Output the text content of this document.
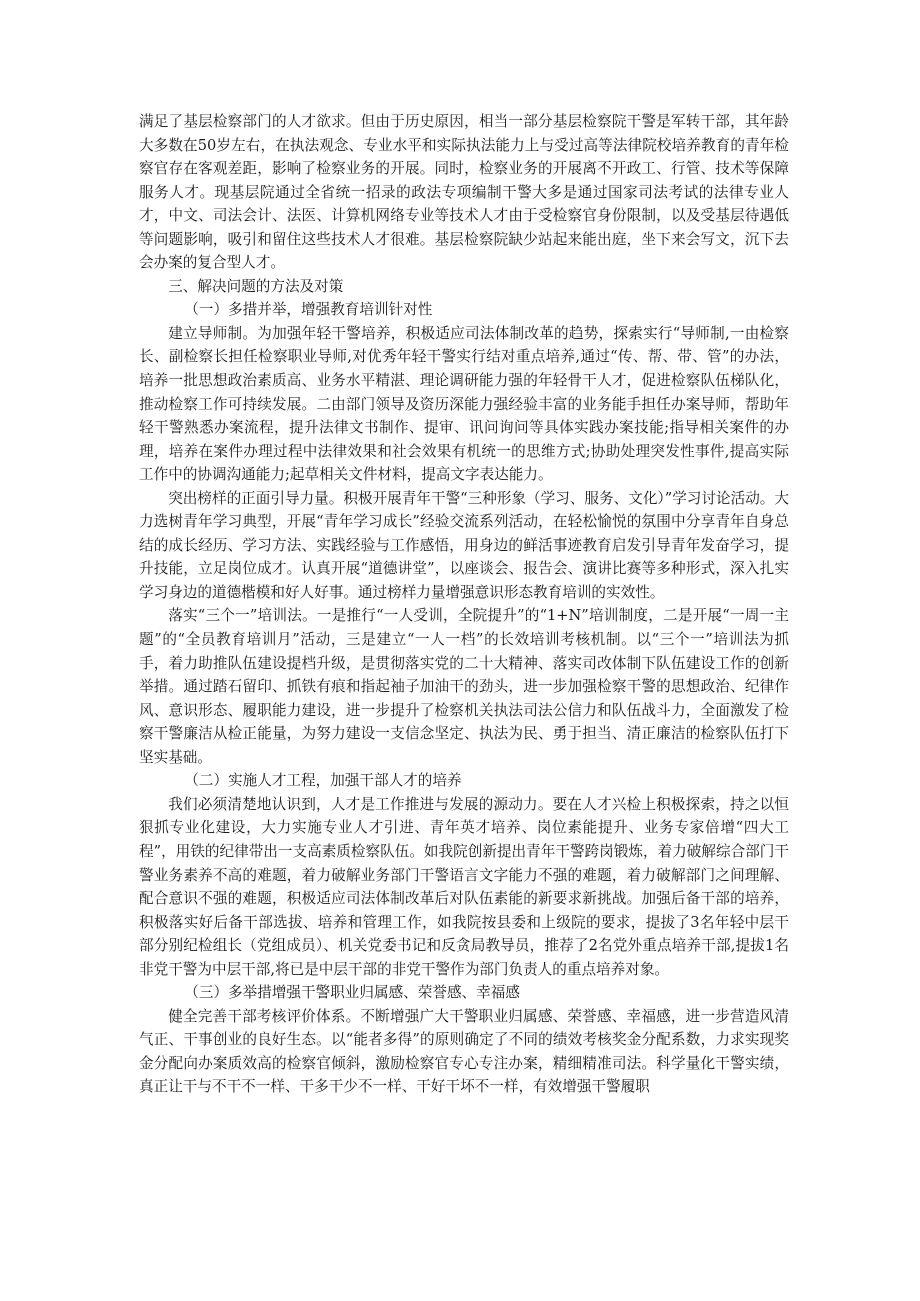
满足了基层检察部门的人才欲求。但由于历史原因，相当一部分基层检察院干警是军转干部，其年龄大多数在50岁左右，在执法观念、专业水平和实际执法能力上与受过高等法律院校培养教育的青年检察官存在客观差距，影响了检察业务的开展。同时，检察业务的开展离不开政工、行管、技术等保障服务人才。现基层院通过全省统一招录的政法专项编制干警大多是通过国家司法考试的法律专业人才，中文、司法会计、法医、计算机网络专业等技术人才由于受检察官身份限制，以及受基层待遇低等问题影响，吸引和留住这些技术人才很难。基层检察院缺少站起来能出庭，坐下来会写文，沉下去会办案的复合型人才。

三、解决问题的方法及对策

（一）多措并举，增强教育培训针对性

建立导师制。为加强年轻干警培养，积极适应司法体制改革的趋势，探索实行“导师制,一由检察长、副检察长担任检察职业导师,对优秀年轻干警实行结对重点培养,通过“传、帮、带、管”的办法，培养一批思想政治素质高、业务水平精湛、理论调研能力强的年轻骨干人才，促进检察队伍梯队化，推动检察工作可持续发展。二由部门领导及资历深能力强经验丰富的业务能手担任办案导师，帮助年轻干警熟悉办案流程，提升法律文书制作、提审、讯问询问等具体实践办案技能;指导相关案件的办理，培养在案件办理过程中法律效果和社会效果有机统一的思维方式;协助处理突发性事件,提高实际工作中的协调沟通能力;起草相关文件材料，提高文字表达能力。

突出榜样的正面引导力量。积极开展青年干警“三种形象（学习、服务、文化）”学习讨论活动。大力选树青年学习典型，开展“青年学习成长”经验交流系列活动，在轻松愉悦的氛围中分享青年自身总结的成长经历、学习方法、实践经验与工作感悟，用身边的鲜活事迹教育启发引导青年发奋学习，提升技能，立足岗位成才。认真开展“道德讲堂”，以座谈会、报告会、演讲比赛等多种形式，深入扎实学习身边的道德楷模和好人好事。通过榜样力量增强意识形态教育培训的实效性。

落实“三个一”培训法。一是推行“一人受训，全院提升”的“1+N”培训制度，二是开展“一周一主题”的“全员教育培训月”活动，三是建立“一人一档”的长效培训考核机制。以“三个一”培训法为抓手，着力助推队伍建设提档升级，是贯彻落实党的二十大精神、落实司改体制下队伍建设工作的创新举措。通过踏石留印、抓铁有痕和指起袖子加油干的劲头，进一步加强检察干警的思想政治、纪律作风、意识形态、履职能力建设，进一步提升了检察机关执法司法公信力和队伍战斗力，全面激发了检察干警廉洁从检正能量，为努力建设一支信念坚定、执法为民、勇于担当、清正廉洁的检察队伍打下坚实基础。

（二）实施人才工程，加强干部人才的培养

我们必须清楚地认识到，人才是工作推进与发展的源动力。要在人才兴检上积极探索，持之以恒狠抓专业化建设，大力实施专业人才引进、青年英才培养、岗位素能提升、业务专家倍增“四大工程”，用铁的纪律带出一支高素质检察队伍。如我院创新提出青年干警跨岗锻炼，着力破解综合部门干警业务素养不高的难题，着力破解业务部门干警语言文字能力不强的难题，着力破解部门之间理解、配合意识不强的难题，积极适应司法体制改革后对队伍素能的新要求新挑战。加强后备干部的培养，积极落实好后备干部选拔、培养和管理工作，如我院按县委和上级院的要求，提拔了3名年轻中层干部分别纪检组长（党组成员）、机关党委书记和反贪局教导员，推荐了2名党外重点培养干部,提拔1名非党干警为中层干部,将已是中层干部的非党干警作为部门负责人的重点培养对象。

（三）多举措增强干警职业归属感、荣誉感、幸福感

健全完善干部考核评价体系。不断增强广大干警职业归属感、荣誉感、幸福感，进一步营造风清气正、干事创业的良好生态。以“能者多得”的原则确定了不同的绩效考核奖金分配系数，力求实现奖金分配向办案质效高的检察官倾斜，激励检察官专心专注办案，精细精准司法。科学量化干警实绩，真正让干与不干不一样、干多干少不一样、干好干坏不一样，有效增强干警履职
